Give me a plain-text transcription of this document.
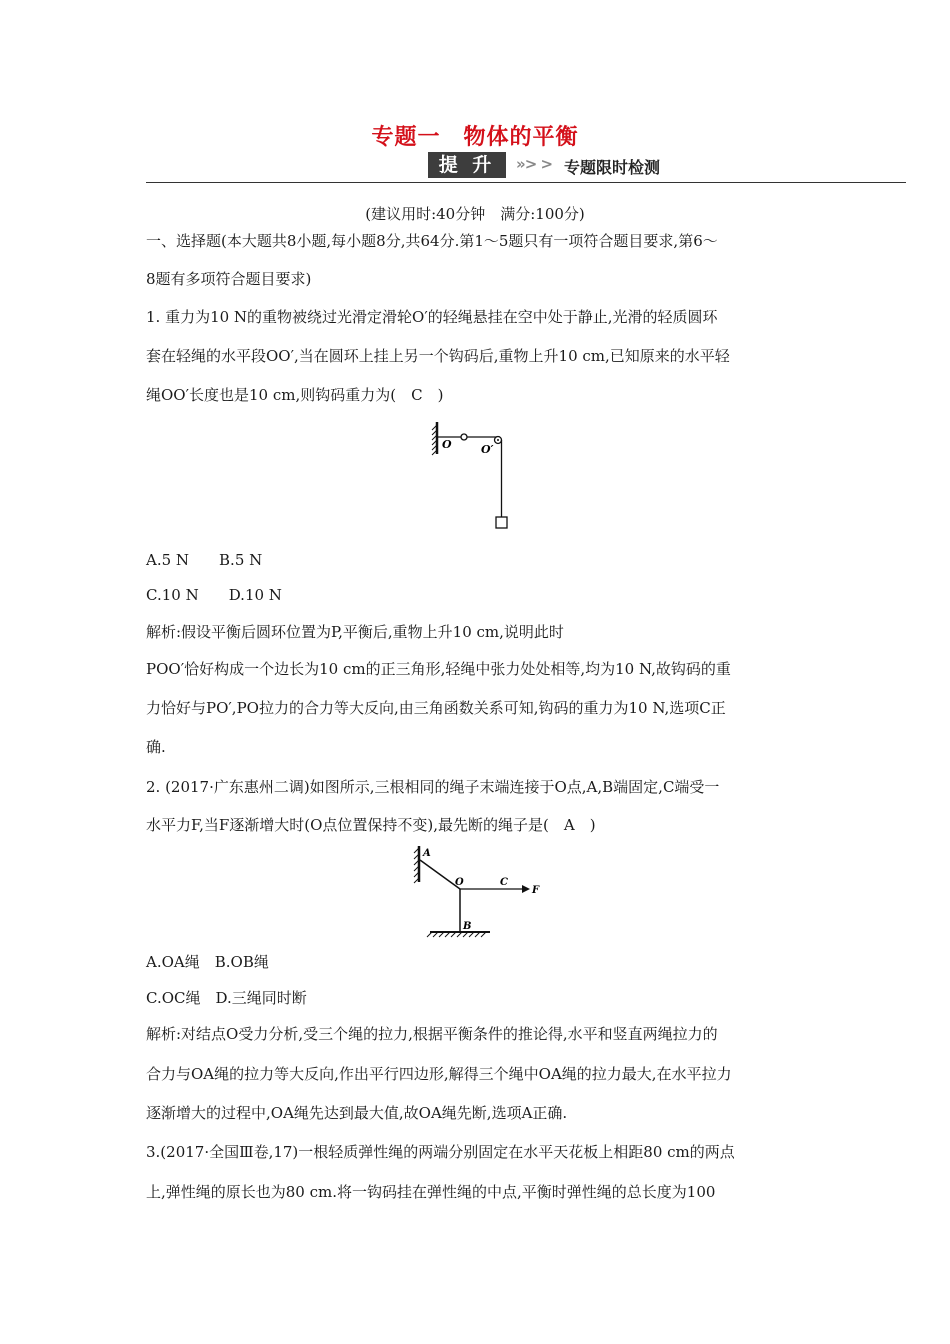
专题一　物体的平衡
提 升	»> > 专题限时检测
(建议用时:40分钟　满分:100分)
一、选择题(本大题共8小题,每小题8分,共64分.第1～5题只有一项符合题目要求,第6～
8题有多项符合题目要求)
1. 重力为10 N的重物被绕过光滑定滑轮O′的轻绳悬挂在空中处于静止,光滑的轻质圆环
套在轻绳的水平段OO′,当在圆环上挂上另一个钩码后,重物上升10 cm,已知原来的水平轻
绳OO′长度也是10 cm,则钩码重力为(　C　)
O	O′
A.5 N　　B.5 N
C.10 N　　D.10 N
解析:假设平衡后圆环位置为P,平衡后,重物上升10 cm,说明此时
POO′恰好构成一个边长为10 cm的正三角形,轻绳中张力处处相等,均为10 N,故钩码的重
力恰好与PO′,PO拉力的合力等大反向,由三角函数关系可知,钩码的重力为10 N,选项C正
确.
2. (2017·广东惠州二调)如图所示,三根相同的绳子末端连接于O点,A,B端固定,C端受一
水平力F,当F逐渐增大时(O点位置保持不变),最先断的绳子是(　A　)
A
O	C
F
B
A.OA绳　B.OB绳
C.OC绳　D.三绳同时断
解析:对结点O受力分析,受三个绳的拉力,根据平衡条件的推论得,水平和竖直两绳拉力的
合力与OA绳的拉力等大反向,作出平行四边形,解得三个绳中OA绳的拉力最大,在水平拉力
逐渐增大的过程中,OA绳先达到最大值,故OA绳先断,选项A正确.
3.(2017·全国Ⅲ卷,17)一根轻质弹性绳的两端分别固定在水平天花板上相距80 cm的两点
上,弹性绳的原长也为80 cm.将一钩码挂在弹性绳的中点,平衡时弹性绳的总长度为100
